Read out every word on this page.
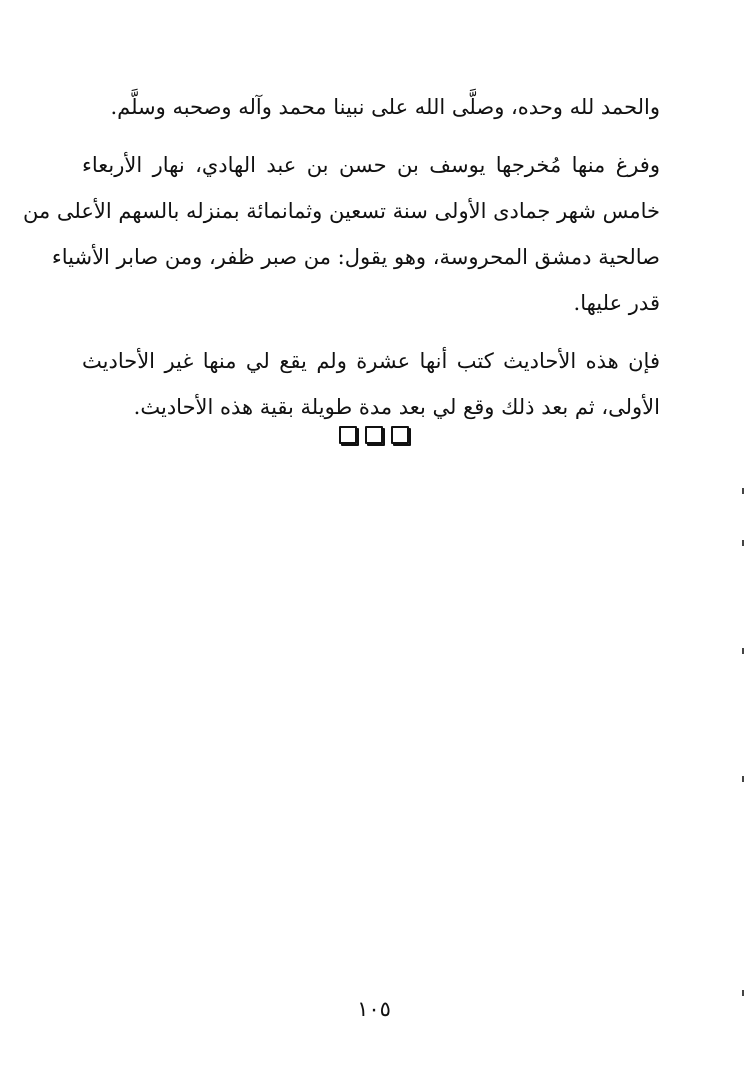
والحمد لله وحده، وصلَّى الله على نبينا محمد وآله وصحبه وسلَّم.
وفرغ منها مُخرجها يوسف بن حسن بن عبد الهادي، نهار الأربعاء
خامس شهر جمادى الأولى سنة تسعين وثمانمائة بمنزله بالسهم الأعلى من
صالحية دمشق المحروسة، وهو يقول: من صبر ظفر، ومن صابر الأشياء
قدر عليها.
فإن هذه الأحاديث كتب أنها عشرة ولم يقع لي منها غير الأحاديث
الأولى، ثم بعد ذلك وقع لي بعد مدة طويلة بقية هذه الأحاديث.
١٠٥
